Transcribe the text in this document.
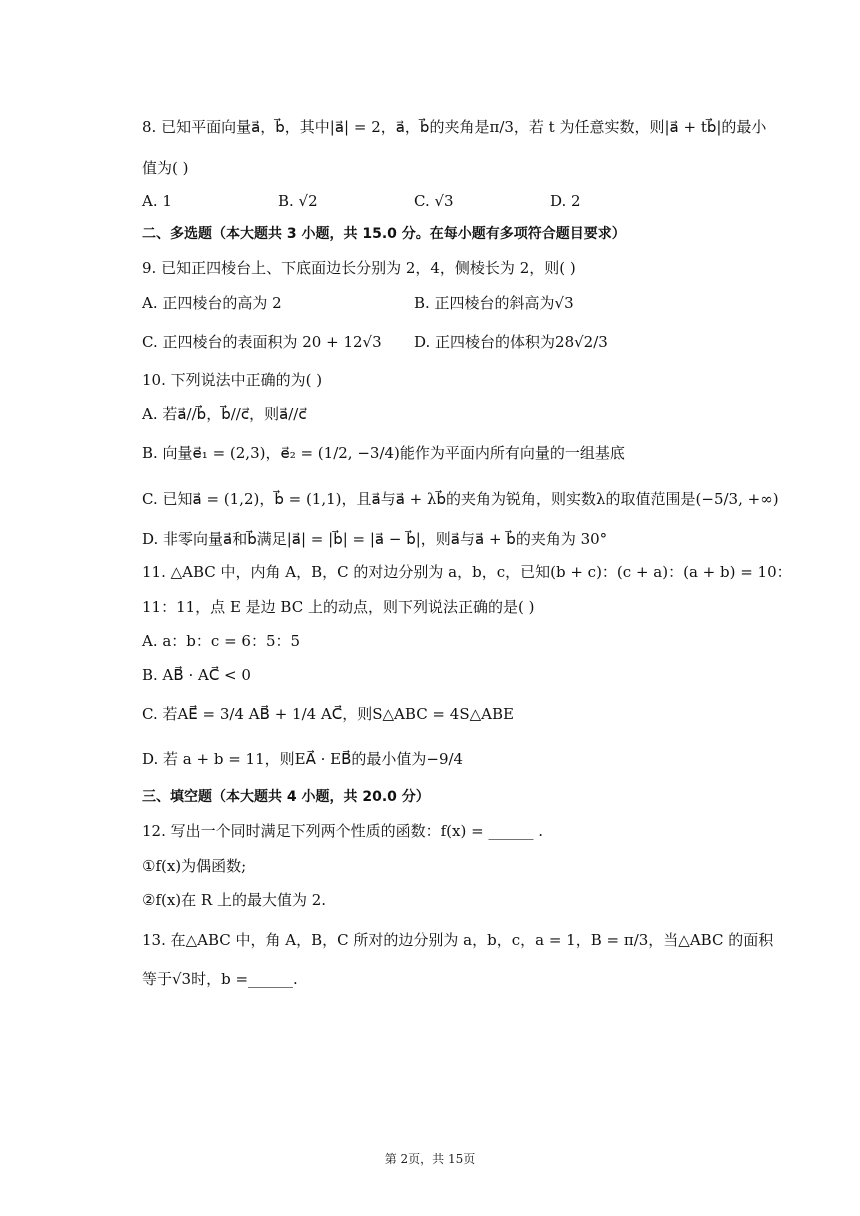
8. 已知平面向量a⃗，b⃗，其中|a⃗| = 2，a⃗，b⃗的夹角是π/3，若 t 为任意实数，则|a⃗ + tb⃗|的最小
值为( )
A. 1	B. √2	C. √3	D. 2
二、多选题（本大题共 3 小题，共 15.0 分。在每小题有多项符合题目要求）
9. 已知正四棱台上、下底面边长分别为 2，4，侧棱长为 2，则( )
A. 正四棱台的高为 2	B. 正四棱台的斜高为√3
C. 正四棱台的表面积为 20 + 12√3 D. 正四棱台的体积为28√2/3
10. 下列说法中正确的为( )
A. 若a⃗//b⃗，b⃗//c⃗，则a⃗//c⃗
B. 向量e⃗₁ = (2,3)，e⃗₂ = (1/2, −3/4)能作为平面内所有向量的一组基底
C. 已知a⃗ = (1,2)，b⃗ = (1,1)，且a⃗与a⃗ + λb⃗的夹角为锐角，则实数λ的取值范围是(−5/3, +∞)
D. 非零向量a⃗和b⃗满足|a⃗| = |b⃗| = |a⃗ − b⃗|，则a⃗与a⃗ + b⃗的夹角为 30°
11. △ABC 中，内角 A，B，C 的对边分别为 a，b，c，已知(b + c)：(c + a)：(a + b) = 10：
11：11，点 E 是边 BC 上的动点，则下列说法正确的是( )
A. a：b：c = 6：5：5
B. AB⃗ · AC⃗ < 0
C. 若AE⃗ = 3/4 AB⃗ + 1/4 AC⃗，则S△ABC = 4S△ABE
D. 若 a + b = 11，则EA⃗ · EB⃗的最小值为−9/4
三、填空题（本大题共 4 小题，共 20.0 分）
12. 写出一个同时满足下列两个性质的函数：f(x) = ______ .
①f(x)为偶函数;
②f(x)在 R 上的最大值为 2.
13. 在△ABC 中，角 A，B，C 所对的边分别为 a，b，c，a = 1，B = π/3，当△ABC 的面积
等于√3时，b =______.
第 2页，共 15页
